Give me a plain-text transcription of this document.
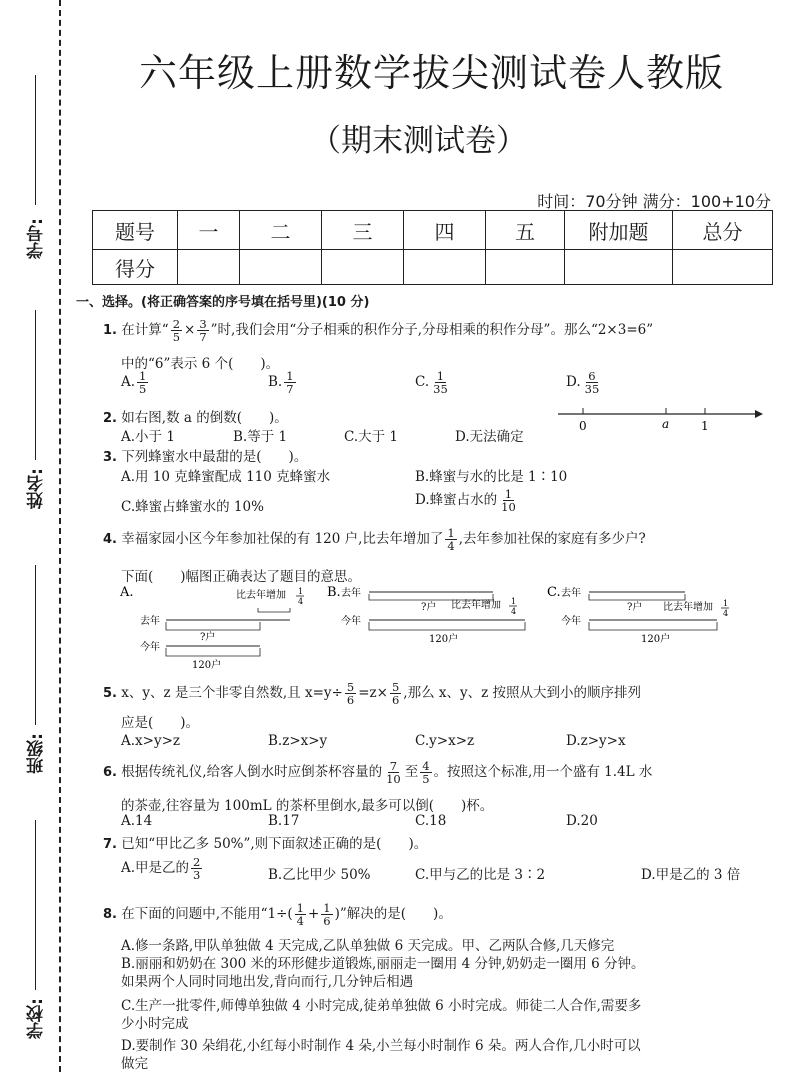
学号:
姓名:
班级:
学校:
六年级上册数学拔尖测试卷人教版
（期末测试卷）
时间：70分钟 满分：100+10分
题号	一	二	三	四	五	附加题	总分
得分							
一、选择。(将正确答案的序号填在括号里)(10 分)
1. 在计算“ $\frac{2}{5} \times \frac{3}{7}$ ”时,我们会用“分子相乘的积作分子,分母相乘的积作分母”。那么“2×3=6”
中的“6”表示 6 个(　　)。
A. $\frac{1}{5}$	B. $\frac{1}{7}$	C. $\frac{1}{35}$	D. $\frac{6}{35}$
2. 如右图,数 a 的倒数(　　)。
A.小于 1	B.等于 1	C.大于 1	D.无法确定
0	a	1
3. 下列蜂蜜水中最甜的是(　　)。
A.用 10 克蜂蜜配成 110 克蜂蜜水	B.蜂蜜与水的比是 1∶10
C.蜂蜜占蜂蜜水的 10%	D.蜂蜜占水的 $\frac{1}{10}$
4. 幸福家园小区今年参加社保的有 120 户,比去年增加了 $\frac{1}{4}$ ,去年参加社保的家庭有多少户?
下面(　　)幅图正确表达了题目的意思。
A.	比去年增加 1
4
去年
?户
今年
120户
B. 去年
?户 比去年增加 1
4
今年
120户
C. 去年
?户 比去年增加 1
4
今年
120户
5. x、y、z 是三个非零自然数,且 $x=y\div \frac{5}{6} =z\times \frac{5}{6}$ ,那么 x、y、z 按照从大到小的顺序排列
应是(　　)。
A.x>y>z	B.z>x>y	C.y>x>z	D.z>y>x
6. 根据传统礼仪,给客人倒水时应倒茶杯容量的 $\frac{7}{10}$ 至 $\frac{4}{5}$ 。按照这个标准,用一个盛有 1.4L 水
的茶壶,往容量为 100mL 的茶杯里倒水,最多可以倒(　　)杯。
A.14	B.17	C.18	D.20
7. 已知“甲比乙多 50%”,则下面叙述正确的是(　　)。
A.甲是乙的 $\frac{2}{3}$	B.乙比甲少 50%	C.甲与乙的比是 3∶2	D.甲是乙的 3 倍
8. 在下面的问题中,不能用“$1\div( \frac{1}{4} + \frac{1}{6}$ )”解决的是(　　)。
A.修一条路,甲队单独做 4 天完成,乙队单独做 6 天完成。甲、乙两队合修,几天修完
B.丽丽和奶奶在 300 米的环形健步道锻炼,丽丽走一圈用 4 分钟,奶奶走一圈用 6 分钟。
如果两个人同时同地出发,背向而行,几分钟后相遇
C.生产一批零件,师傅单独做 4 小时完成,徒弟单独做 6 小时完成。师徒二人合作,需要多
少小时完成
D.要制作 30 朵绢花,小红每小时制作 4 朵,小兰每小时制作 6 朵。两人合作,几小时可以
做完
